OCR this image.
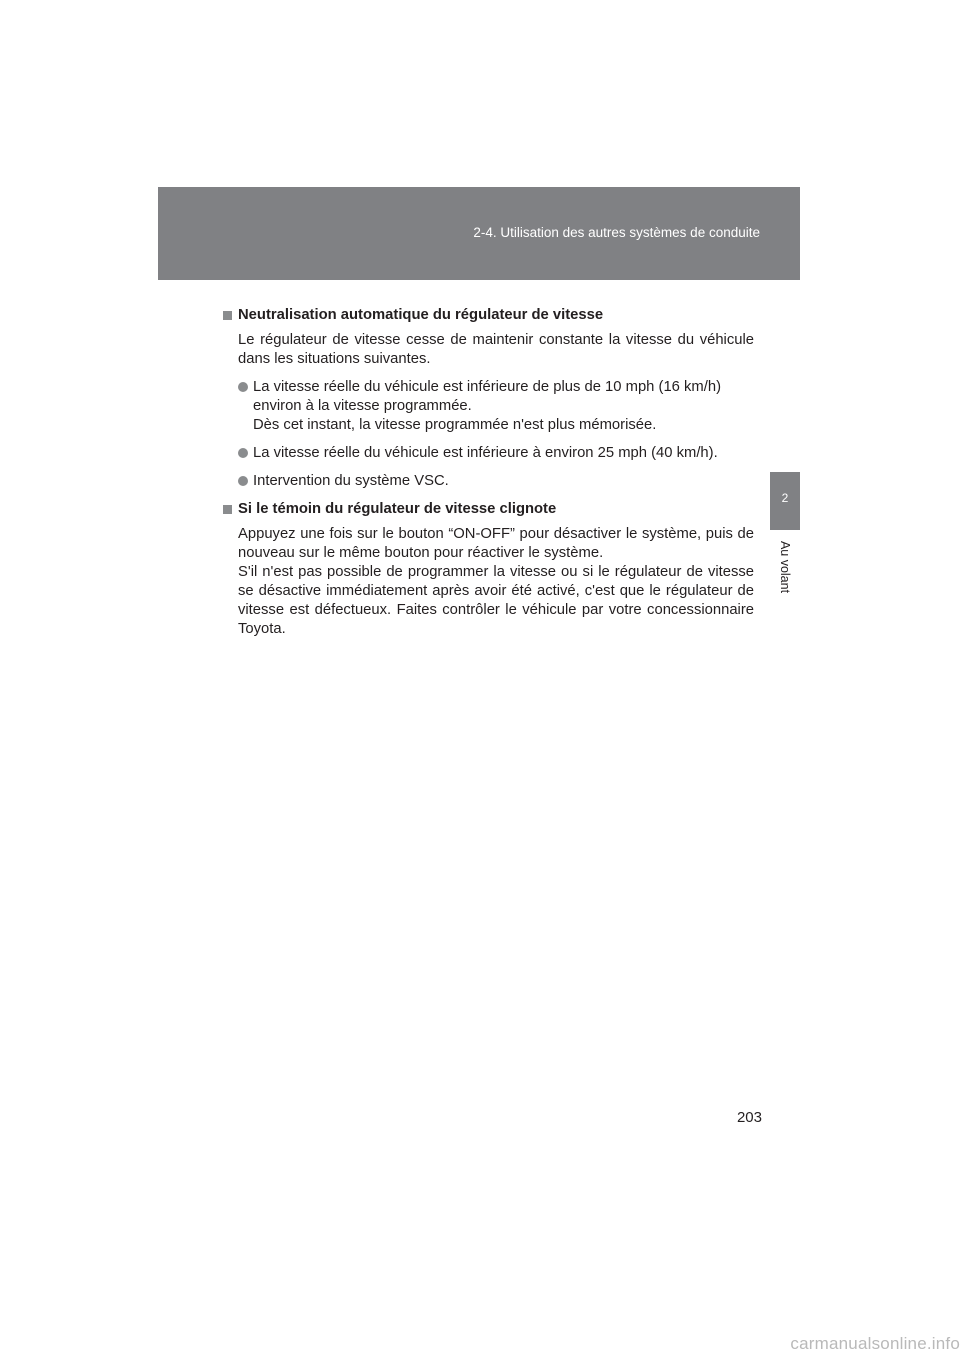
2-4. Utilisation des autres systèmes de conduite
2
Au volant
Neutralisation automatique du régulateur de vitesse

Le régulateur de vitesse cesse de maintenir constante la vitesse du véhicule dans les situations suivantes.

La vitesse réelle du véhicule est inférieure de plus de 10 mph (16 km/h) environ à la vitesse programmée.

Dès cet instant, la vitesse programmée n'est plus mémorisée.

La vitesse réelle du véhicule est inférieure à environ 25 mph (40 km/h).

Intervention du système VSC.

Si le témoin du régulateur de vitesse clignote

Appuyez une fois sur le bouton “ON-OFF” pour désactiver le système, puis de nouveau sur le même bouton pour réactiver le système.

S'il n'est pas possible de programmer la vitesse ou si le régulateur de vitesse se désactive immédiatement après avoir été activé, c'est que le régulateur de vitesse est défectueux. Faites contrôler le véhicule par votre concessionnaire Toyota.

203
carmanualsonline.info
